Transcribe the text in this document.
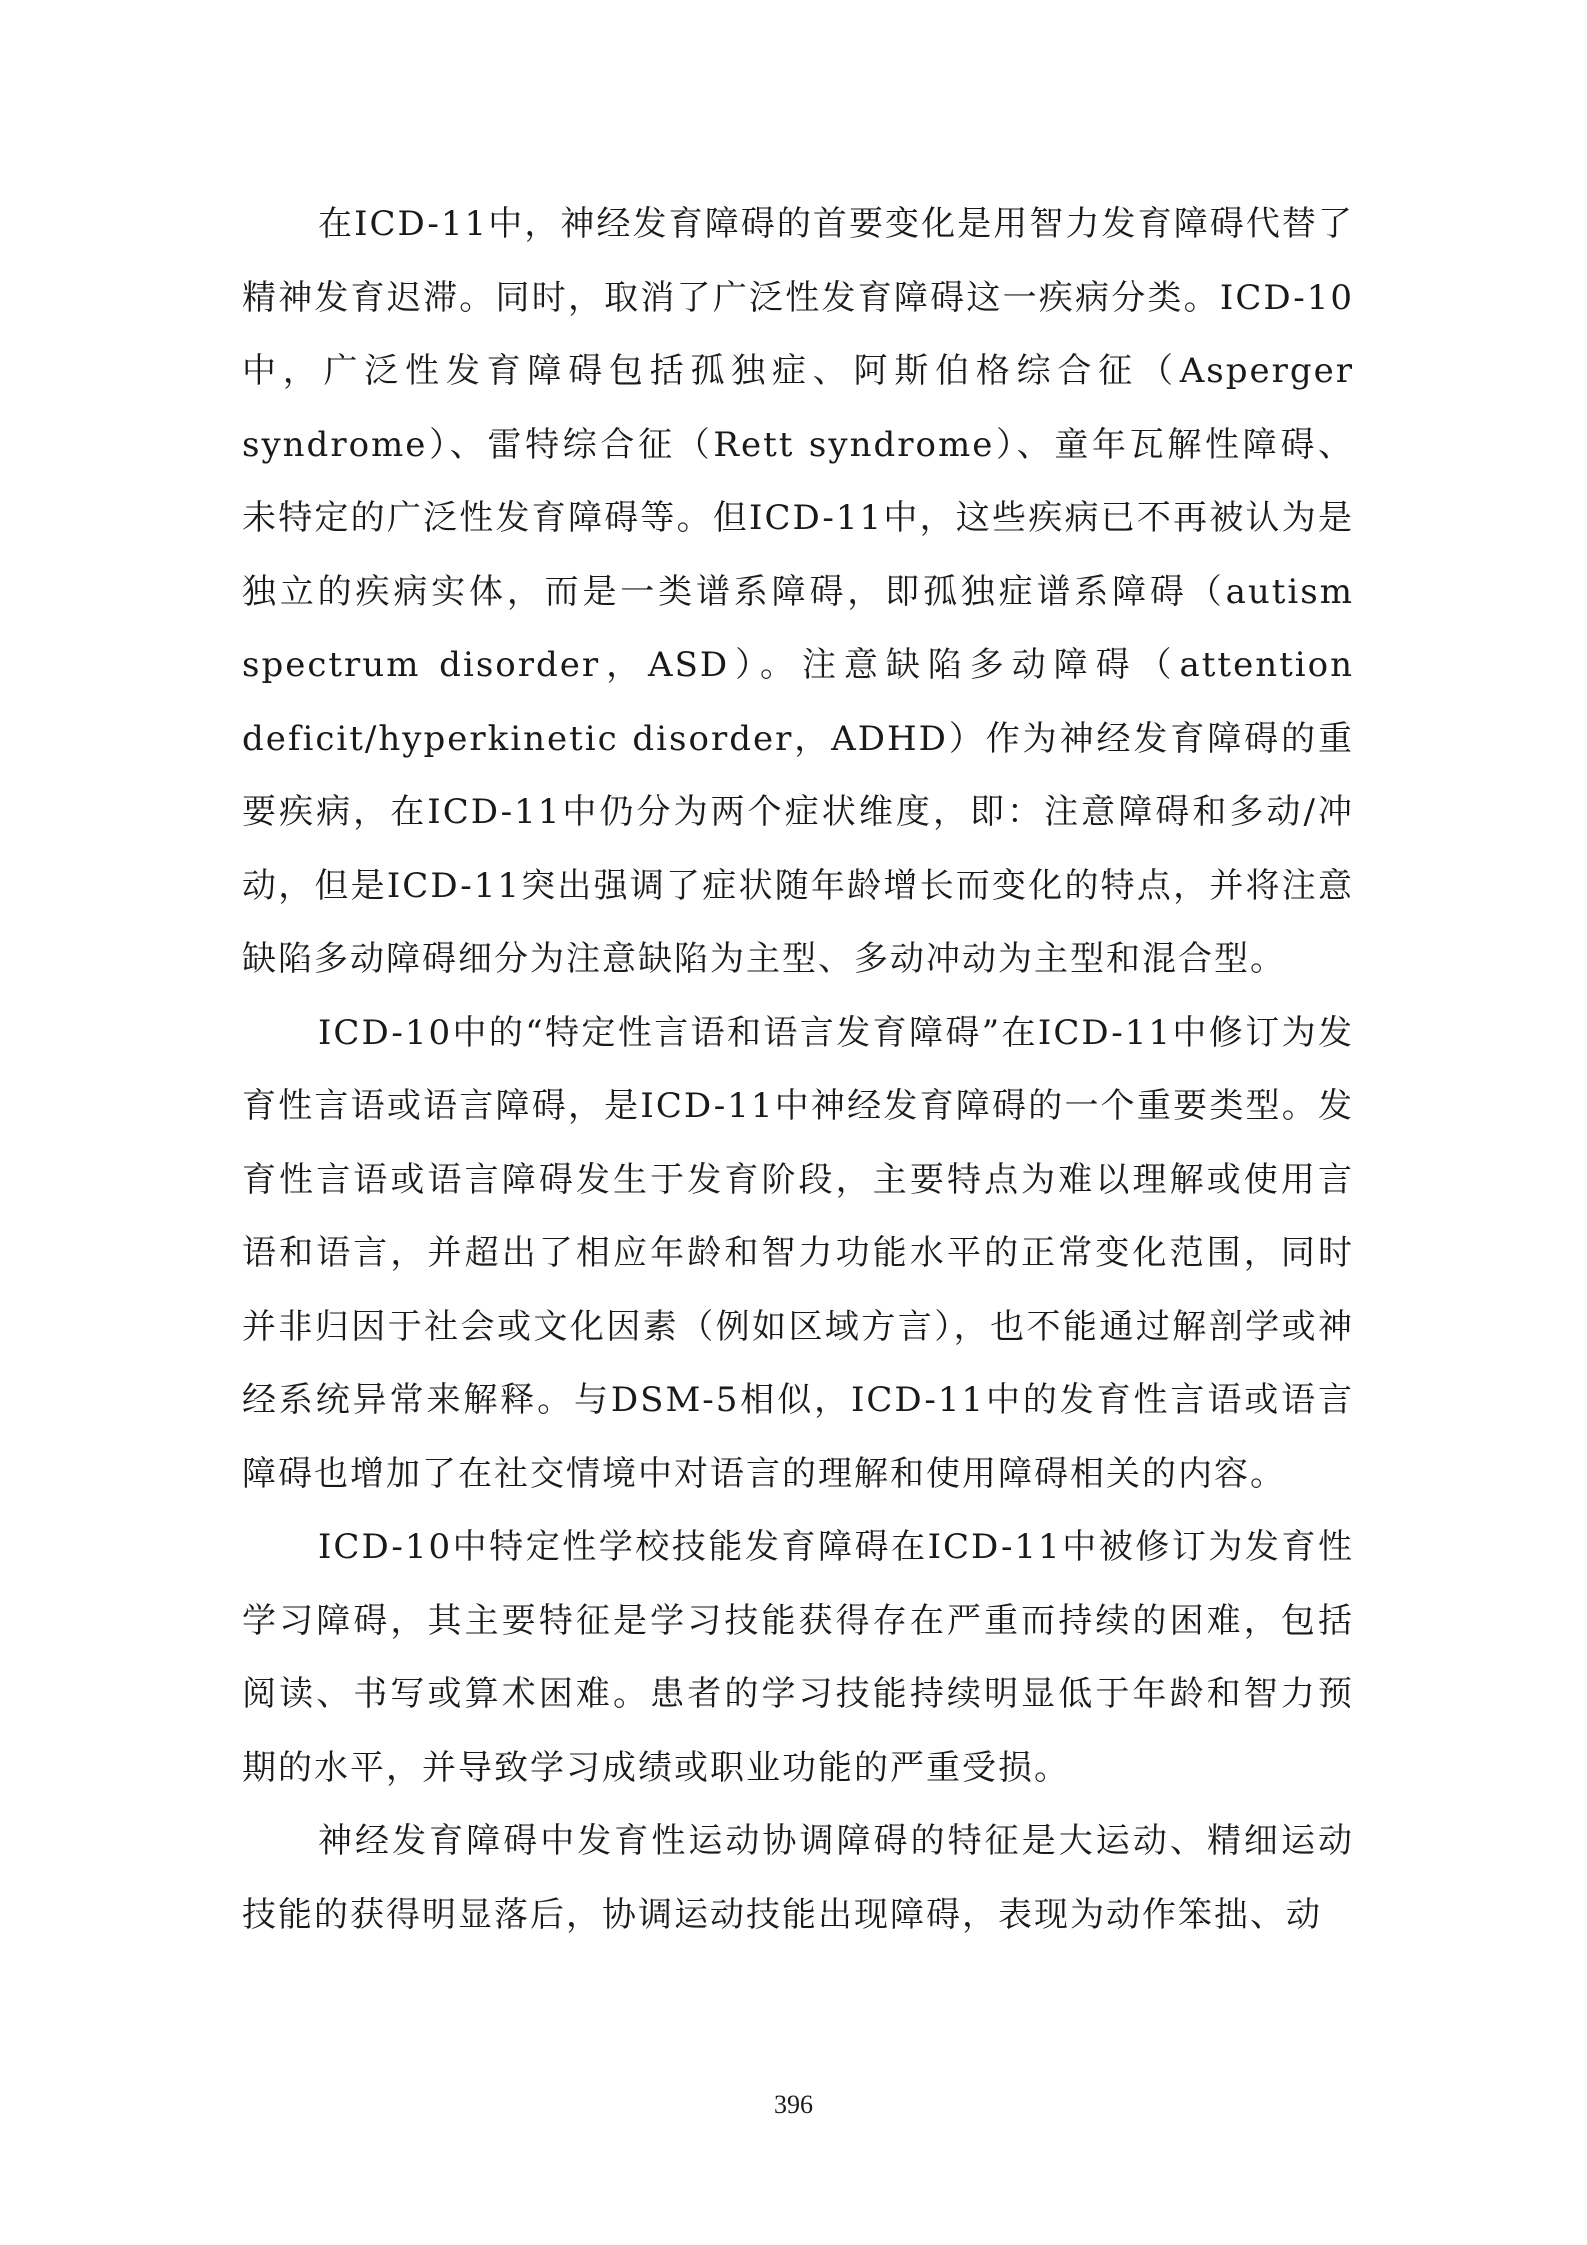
在ICD-11中，神经发育障碍的首要变化是用智力发育障碍代替了精神发育迟滞。同时，取消了广泛性发育障碍这一疾病分类。ICD-10中，广泛性发育障碍包括孤独症、阿斯伯格综合征（Asperger syndrome）、雷特综合征（Rett syndrome）、童年瓦解性障碍、未特定的广泛性发育障碍等。但ICD-11中，这些疾病已不再被认为是独立的疾病实体，而是一类谱系障碍，即孤独症谱系障碍（autism spectrum disorder，ASD）。注意缺陷多动障碍（attention deficit/hyperkinetic disorder，ADHD）作为神经发育障碍的重要疾病，在ICD-11中仍分为两个症状维度，即：注意障碍和多动/冲动，但是ICD-11突出强调了症状随年龄增长而变化的特点，并将注意缺陷多动障碍细分为注意缺陷为主型、多动冲动为主型和混合型。

ICD-10中的“特定性言语和语言发育障碍”在ICD-11中修订为发育性言语或语言障碍，是ICD-11中神经发育障碍的一个重要类型。发育性言语或语言障碍发生于发育阶段，主要特点为难以理解或使用言语和语言，并超出了相应年龄和智力功能水平的正常变化范围，同时并非归因于社会或文化因素（例如区域方言），也不能通过解剖学或神经系统异常来解释。与DSM-5相似，ICD-11中的发育性言语或语言障碍也增加了在社交情境中对语言的理解和使用障碍相关的内容。

ICD-10中特定性学校技能发育障碍在ICD-11中被修订为发育性学习障碍，其主要特征是学习技能获得存在严重而持续的困难，包括阅读、书写或算术困难。患者的学习技能持续明显低于年龄和智力预期的水平，并导致学习成绩或职业功能的严重受损。

神经发育障碍中发育性运动协调障碍的特征是大运动、精细运动技能的获得明显落后，协调运动技能出现障碍，表现为动作笨拙、动

396
